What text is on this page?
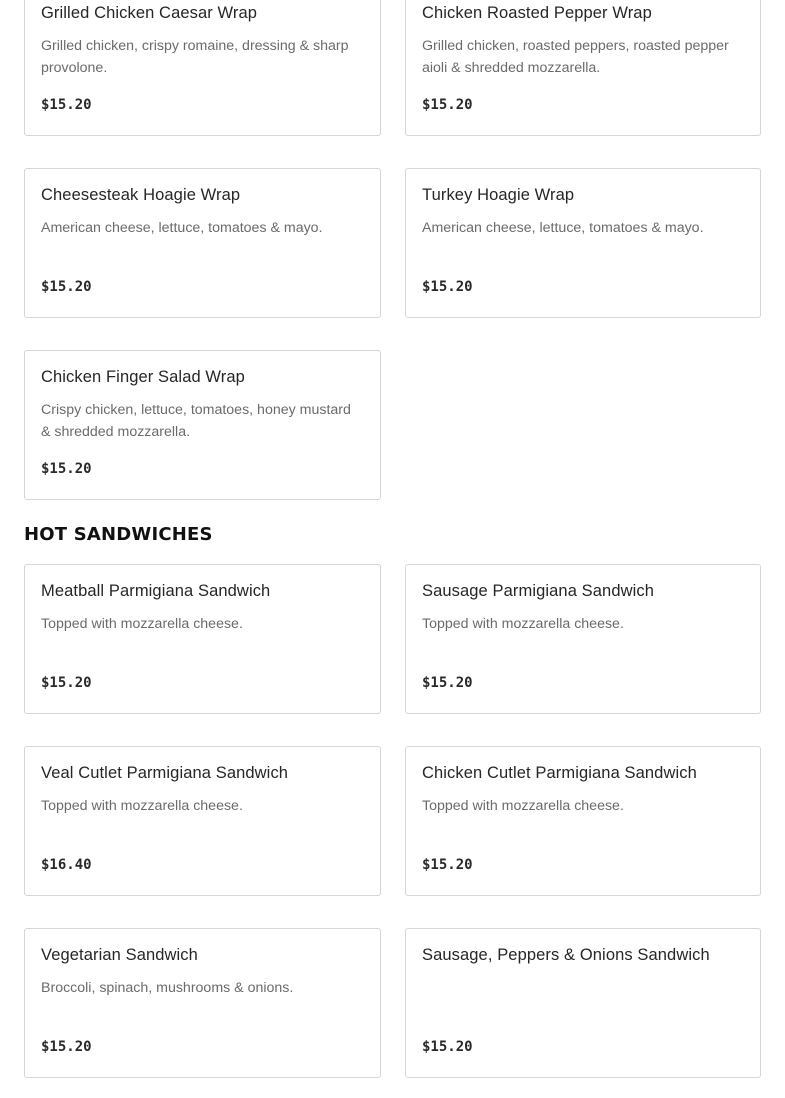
Grilled Chicken Caesar Wrap
Grilled chicken, crispy romaine, dressing & sharp provolone.
$15.20
Chicken Roasted Pepper Wrap
Grilled chicken, roasted peppers, roasted pepper aioli & shredded mozzarella.
$15.20
Cheesesteak Hoagie Wrap
American cheese, lettuce, tomatoes & mayo.
$15.20
Turkey Hoagie Wrap
American cheese, lettuce, tomatoes & mayo.
$15.20
Chicken Finger Salad Wrap
Crispy chicken, lettuce, tomatoes, honey mustard & shredded mozzarella.
$15.20
HOT SANDWICHES
Meatball Parmigiana Sandwich
Topped with mozzarella cheese.
$15.20
Sausage Parmigiana Sandwich
Topped with mozzarella cheese.
$15.20
Veal Cutlet Parmigiana Sandwich
Topped with mozzarella cheese.
$16.40
Chicken Cutlet Parmigiana Sandwich
Topped with mozzarella cheese.
$15.20
Vegetarian Sandwich
Broccoli, spinach, mushrooms & onions.
$15.20
Sausage, Peppers & Onions Sandwich
$15.20
